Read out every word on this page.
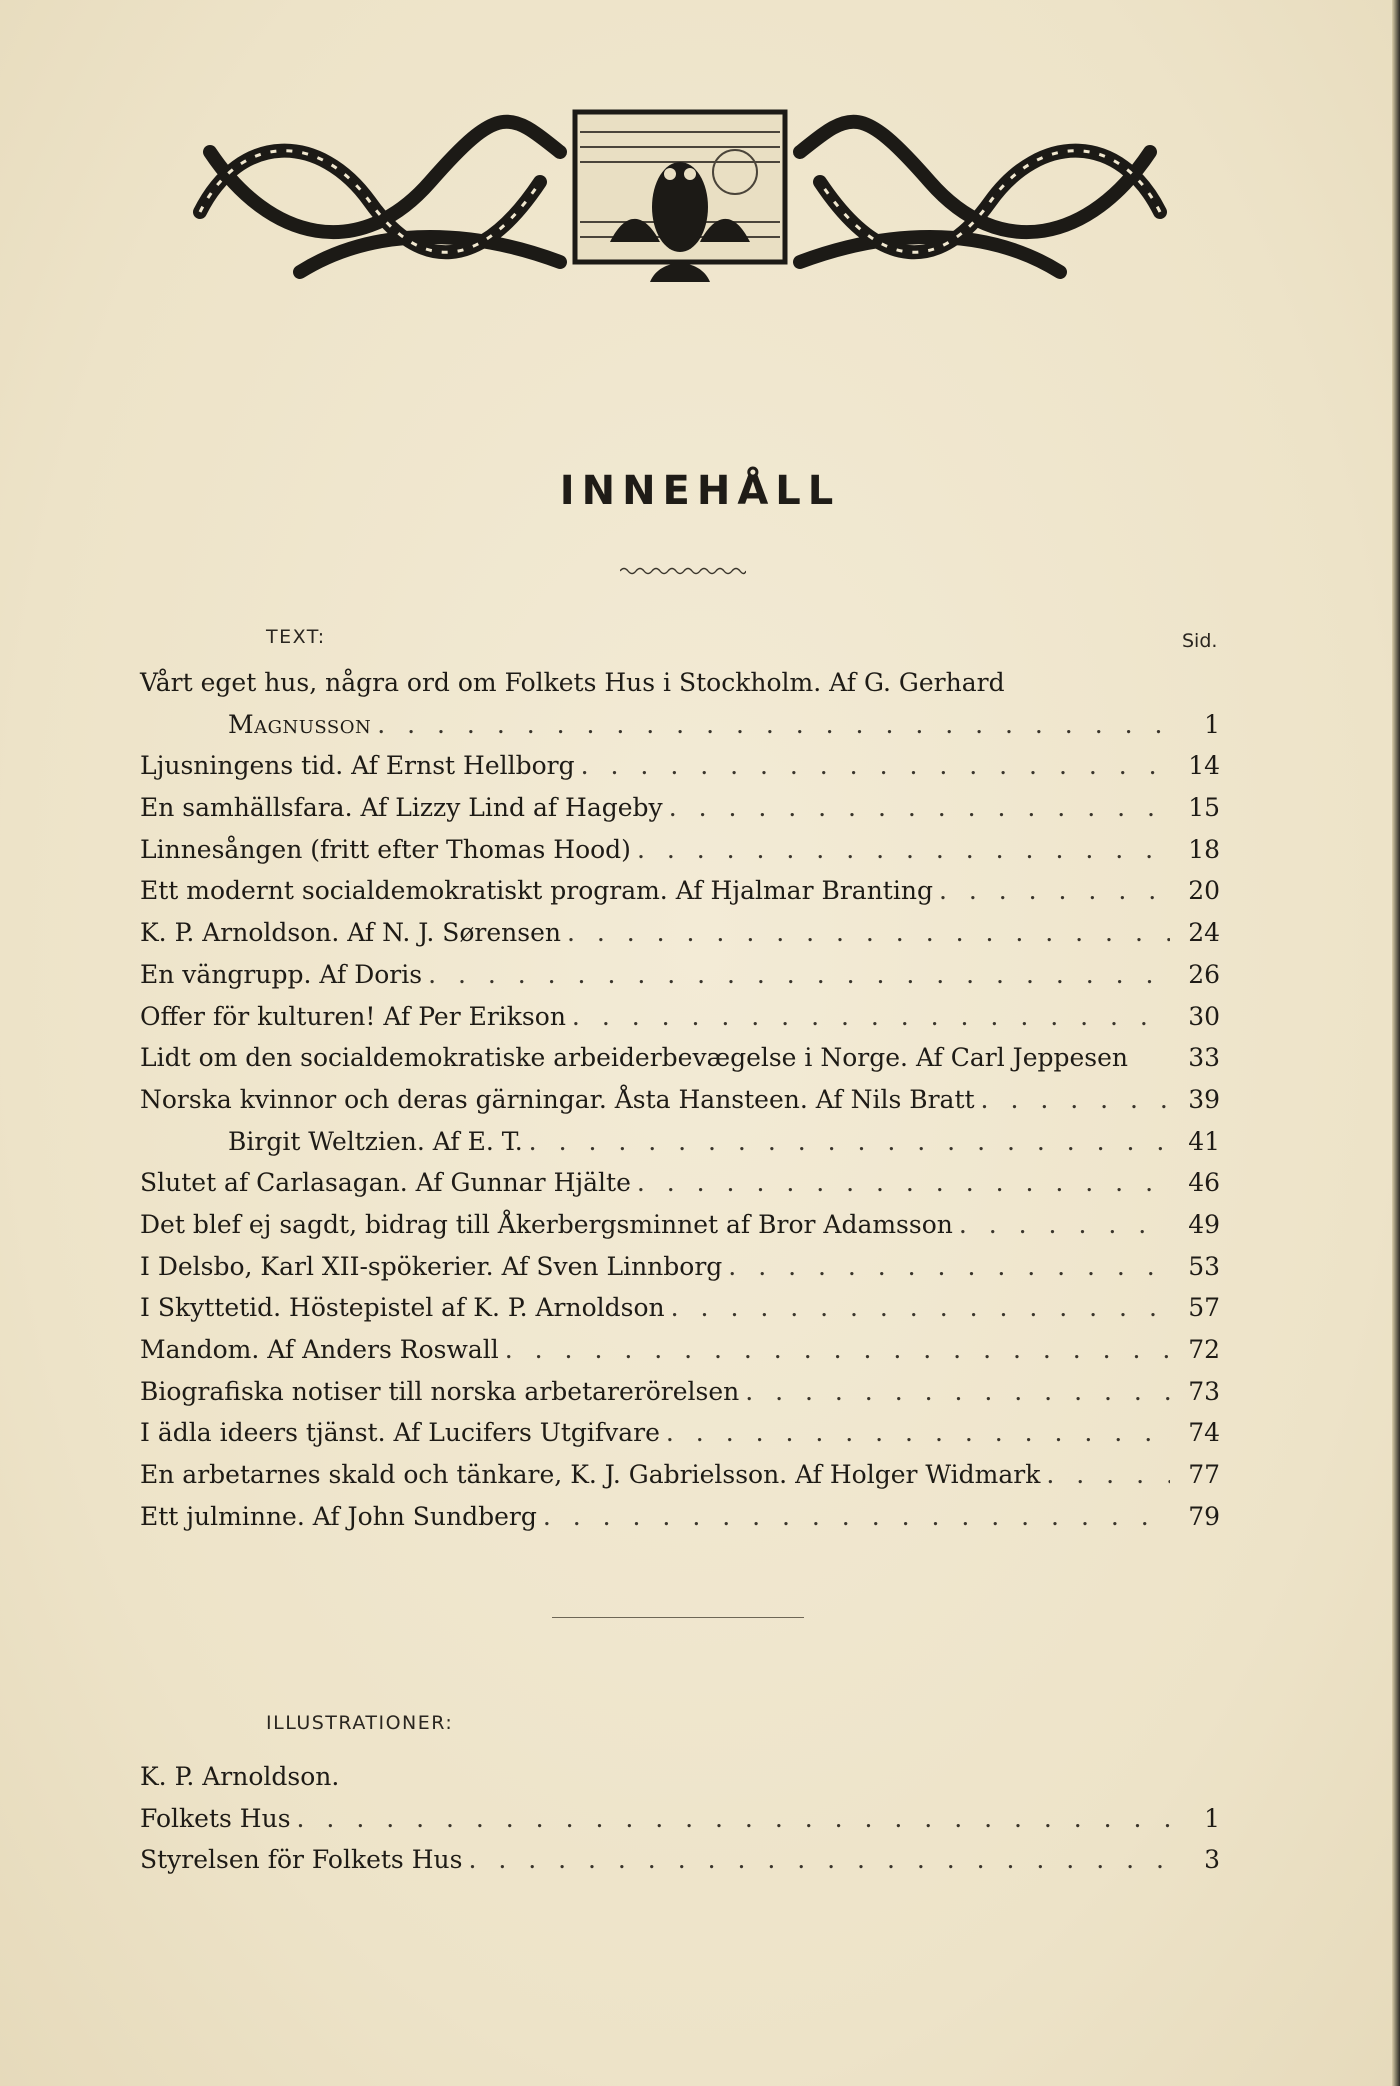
INNEHÅLL
TEXT:	Sid.
Vårt eget hus, några ord om Folkets Hus i Stockholm. Af G. Gerhard
Magnusson . . .	1
Ljusningens tid. Af Ernst Hellborg . . .	14
En samhällsfara. Af Lizzy Lind af Hageby . . .	15
Linnesången (fritt efter Thomas Hood) . . .	18
Ett modernt socialdemokratiskt program. Af Hjalmar Branting . . .	20
K. P. Arnoldson. Af N. J. Sørensen . . .	24
En vängrupp. Af Doris . . .	26
Offer för kulturen! Af Per Erikson . . .	30
Lidt om den socialdemokratiske arbeiderbevægelse i Norge. Af Carl Jeppesen	33
Norska kvinnor och deras gärningar. Åsta Hansteen. Af Nils Bratt . . .	39
Birgit Weltzien. Af E. T. . . .	41
Slutet af Carlasagan. Af Gunnar Hjälte . . .	46
Det blef ej sagdt, bidrag till Åkerbergsminnet af Bror Adamsson . . .	49
I Delsbo, Karl XII-spökerier. Af Sven Linnborg . . .	53
I Skyttetid. Höstepistel af K. P. Arnoldson . . .	57
Mandom. Af Anders Roswall . . .	72
Biografiska notiser till norska arbetarerörelsen . . .	73
I ädla ideers tjänst. Af Lucifers Utgifvare . . .	74
En arbetarnes skald och tänkare, K. J. Gabrielsson. Af Holger Widmark . . .	77
Ett julminne. Af John Sundberg . . .	79
ILLUSTRATIONER:
K. P. Arnoldson.
Folkets Hus . . .	1
Styrelsen för Folkets Hus . . .	3
